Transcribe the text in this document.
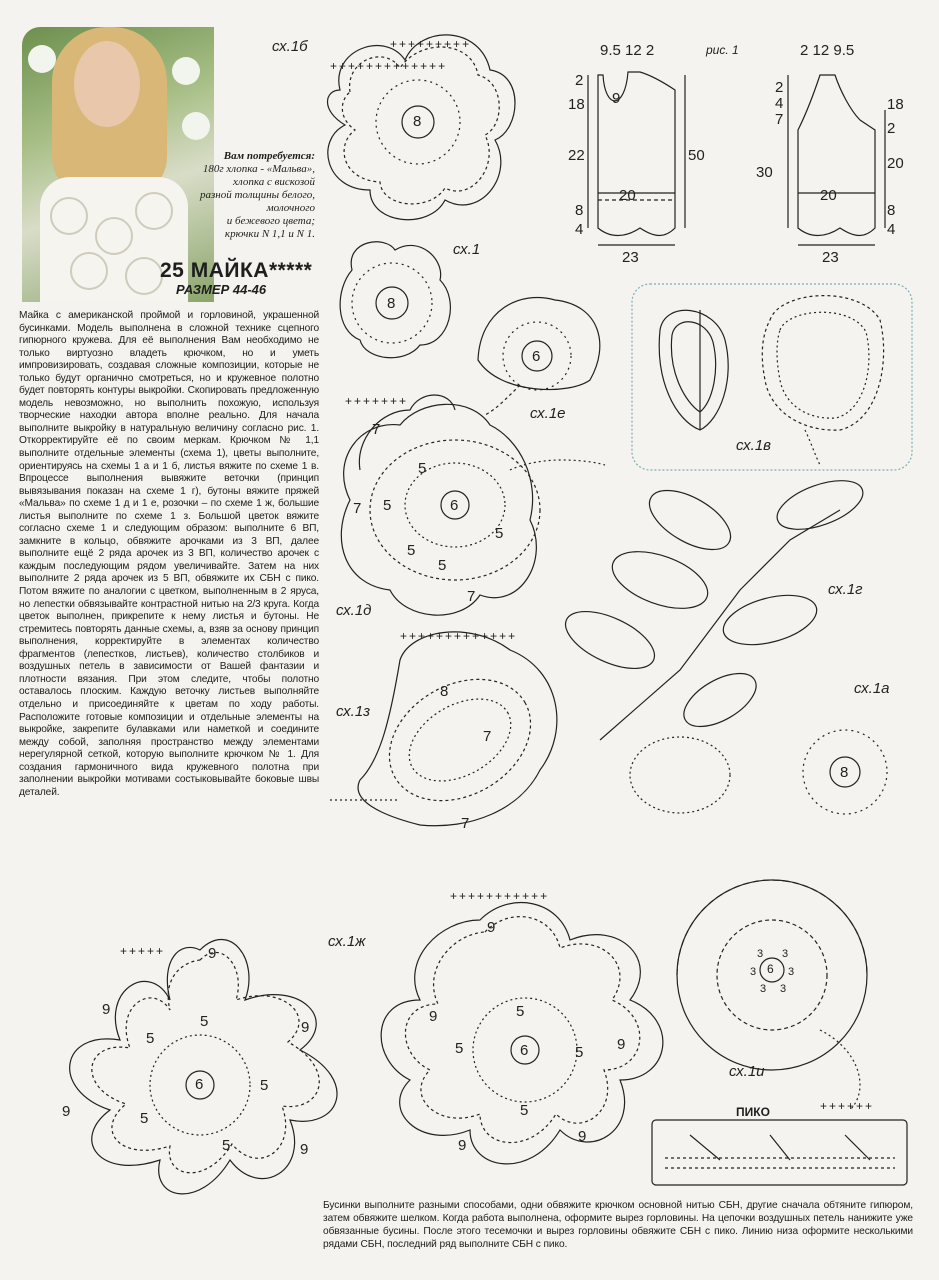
Вам потребуется:
180г хлопка - «Мальва»,
хлопка с вискозой
разной толщины белого,
молочного
и бежевого цвета;
крючки N 1,1 и N 1.
25 МАЙКА*****
РАЗМЕР 44-46
Майка с американской проймой и горловиной, украшенной бусинками. Модель выполнена в сложной технике сцепного гипюрного кружева. Для её выполнения Вам необходимо не только виртуозно владеть крючком, но и уметь импровизировать, создавая сложные композиции, которые не только будут органично смотреться, но и кружевное полотно будет повторять контуры выкройки. Скопировать предложенную модель невозможно, но выполнить похожую, используя творческие находки автора вполне реально. Для начала выполните выкройку в натуральную величину согласно рис. 1. Откорректируйте её по своим меркам. Крючком № 1,1 выполните отдельные элементы (схема 1), цветы выполните, ориентируясь на схемы 1 а и 1 б, листья вяжите по схеме 1 в. Впроцессе выполнения вывяжите веточки (принцип вывязывания показан на схеме 1 г), бутоны вяжите пряжей «Мальва» по схеме 1 д и 1 е, розочки – по схеме 1 ж, большие листья выполните по схеме 1 з. Большой цветок вяжите согласно схеме 1 и следующим образом: выполните 6 ВП, замкните в кольцо, обвяжите арочками из 3 ВП, далее выполните ещё 2 ряда арочек из 3 ВП, количество арочек с каждым последующим рядом увеличивайте. Затем на них выполните 2 ряда арочек из 5 ВП, обвяжите их СБН с пико. Потом вяжите по аналогии с цветком, выполненным в 2 яруса, но лепестки обвязывайте контрастной нитью на 2/3 круга. Когда цветок выполнен, прикрепите к нему листья и бутоны. Не стремитесь повторять данные схемы, а, взяв за основу принцип выполнения, корректируйте в элементах количество фрагментов (лепестков, листьев), количество столбиков и воздушных петель в зависимости от Вашей фантазии и плотности вязания. При этом следите, чтобы полотно оставалось плоским. Каждую веточку листьев выполняйте отдельно и присоединяйте к цветам по ходу работы. Расположите готовые композиции и отдельные элементы на выкройке, закрепите булавками или наметкой и соедините между собой, заполняя пространство между элементами нерегулярной сеткой, которую выполните крючком № 1. Для создания гармоничного вида кружевного полотна при заполнении выкройки мотивами состыковывайте боковые швы деталей.
Бусинки выполните разными способами, одни обвяжите крючком основной нитью СБН, другие сначала обтяните гипюром, затем обвяжите шелком. Когда работа выполнена, оформите вырез горловины. На цепочки воздушных петель нанижите уже обвязанные бусины. После этого тесемочки и вырез горловины обвяжите СБН с пико. Линию низа оформите несколькими рядами СБН, последний ряд выполните СБН с пико.
+++++++++++++
+++++++++
+++++++
+++++++++++++
+++++
+++++++++++
++++++
сх.1б
сх.1
сх.1е
сх.1в
сх.1д
сх.1г
сх.1а
сх.1з
сх.1ж
сх.1и
рис. 1
ПИКО
8
8
6
6
7
5
5
5
5
7
5
7
8
8
7
7
6
5
5
5
5
5
9
9
9
9
9
6
5
5
5
5
9
9
9
9
9
6
3 3
3	3
3 3
9.5 12 2
2
18
22
8
4
9
20
50
23
2 12 9.5
2
4
7
30
18
2
20
8
4
20
23
